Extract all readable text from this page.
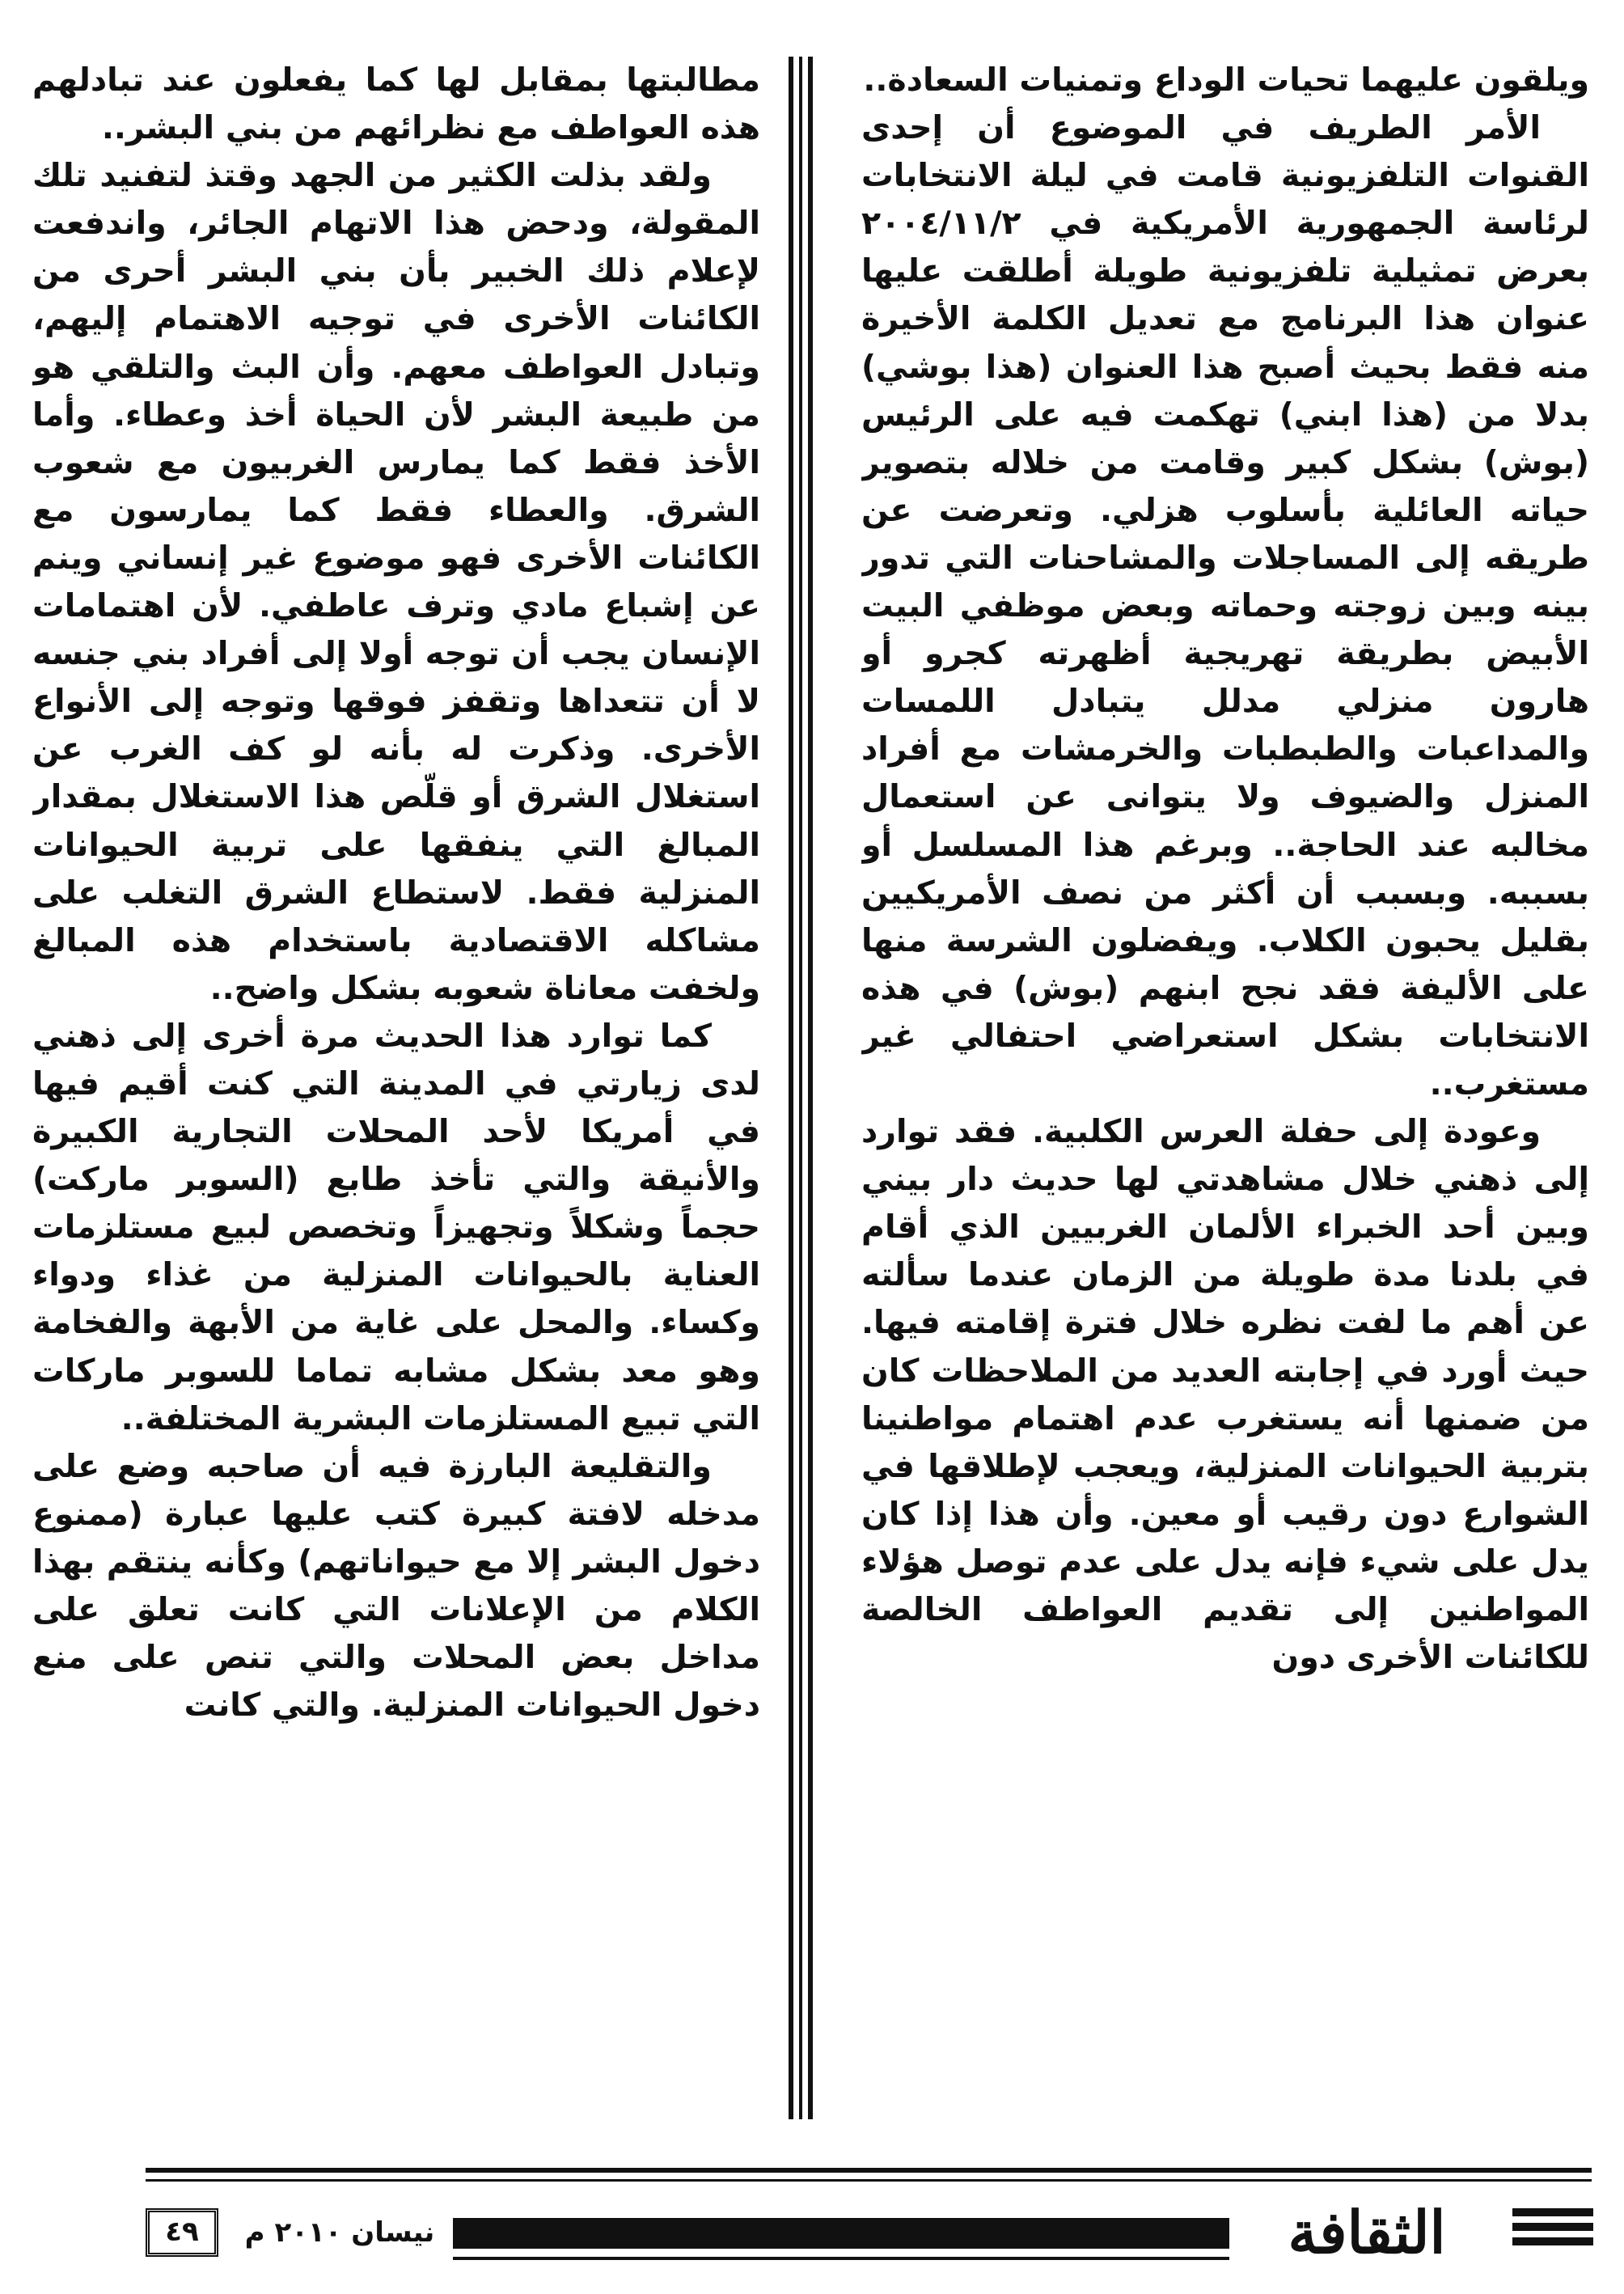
ويلقون عليهما تحيات الوداع وتمنيات السعادة..

الأمر الطريف في الموضوع أن إحدى القنوات التلفزيونية قامت في ليلة الانتخابات لرئاسة الجمهورية الأمريكية في ٢٠٠٤/١١/٢ بعرض تمثيلية تلفزيونية طويلة أطلقت عليها عنوان هذا البرنامج مع تعديل الكلمة الأخيرة منه فقط بحيث أصبح هذا العنوان (هذا بوشي) بدلا من (هذا ابني) تهكمت فيه على الرئيس (بوش) بشكل كبير وقامت من خلاله بتصوير حياته العائلية بأسلوب هزلي. وتعرضت عن طريقه إلى المساجلات والمشاحنات التي تدور بينه وبين زوجته وحماته وبعض موظفي البيت الأبيض بطريقة تهريجية أظهرته كجرو أو هارون منزلي مدلل يتبادل اللمسات والمداعبات والطبطبات والخرمشات مع أفراد المنزل والضيوف ولا يتوانى عن استعمال مخالبه عند الحاجة.. وبرغم هذا المسلسل أو بسببه. وبسبب أن أكثر من نصف الأمريكيين بقليل يحبون الكلاب. ويفضلون الشرسة منها على الأليفة فقد نجح ابنهم (بوش) في هذه الانتخابات بشكل استعراضي احتفالي غير مستغرب..

وعودة إلى حفلة العرس الكلبية. فقد توارد إلى ذهني خلال مشاهدتي لها حديث دار بيني وبين أحد الخبراء الألمان الغربيين الذي أقام في بلدنا مدة طويلة من الزمان عندما سألته عن أهم ما لفت نظره خلال فترة إقامته فيها. حيث أورد في إجابته العديد من الملاحظات كان من ضمنها أنه يستغرب عدم اهتمام مواطنينا بتربية الحيوانات المنزلية، ويعجب لإطلاقها في الشوارع دون رقيب أو معين. وأن هذا إذا كان يدل على شيء فإنه يدل على عدم توصل هؤلاء المواطنين إلى تقديم العواطف الخالصة للكائنات الأخرى دون

مطالبتها بمقابل لها كما يفعلون عند تبادلهم هذه العواطف مع نظرائهم من بني البشر..

ولقد بذلت الكثير من الجهد وقتذ لتفنيد تلك المقولة، ودحض هذا الاتهام الجائر، واندفعت لإعلام ذلك الخبير بأن بني البشر أحرى من الكائنات الأخرى في توجيه الاهتمام إليهم، وتبادل العواطف معهم. وأن البث والتلقي هو من طبيعة البشر لأن الحياة أخذ وعطاء. وأما الأخذ فقط كما يمارس الغربيون مع شعوب الشرق. والعطاء فقط كما يمارسون مع الكائنات الأخرى فهو موضوع غير إنساني وينم عن إشباع مادي وترف عاطفي. لأن اهتمامات الإنسان يجب أن توجه أولا إلى أفراد بني جنسه لا أن تتعداها وتقفز فوقها وتوجه إلى الأنواع الأخرى. وذكرت له بأنه لو كف الغرب عن استغلال الشرق أو قلّص هذا الاستغلال بمقدار المبالغ التي ينفقها على تربية الحيوانات المنزلية فقط. لاستطاع الشرق التغلب على مشاكله الاقتصادية باستخدام هذه المبالغ ولخفت معاناة شعوبه بشكل واضح..

كما توارد هذا الحديث مرة أخرى إلى ذهني لدى زيارتي في المدينة التي كنت أقيم فيها في أمريكا لأحد المحلات التجارية الكبيرة والأنيقة والتي تأخذ طابع (السوبر ماركت) حجماً وشكلاً وتجهيزاً وتخصص لبيع مستلزمات العناية بالحيوانات المنزلية من غذاء ودواء وكساء. والمحل على غاية من الأبهة والفخامة وهو معد بشكل مشابه تماما للسوبر ماركات التي تبيع المستلزمات البشرية المختلفة..

والتقليعة البارزة فيه أن صاحبه وضع على مدخله لافتة كبيرة كتب عليها عبارة (ممنوع دخول البشر إلا مع حيواناتهم) وكأنه ينتقم بهذا الكلام من الإعلانات التي كانت تعلق على مداخل بعض المحلات والتي تنص على منع دخول الحيوانات المنزلية. والتي كانت

٤٩	نيسان ٢٠١٠ م	الثقافة
